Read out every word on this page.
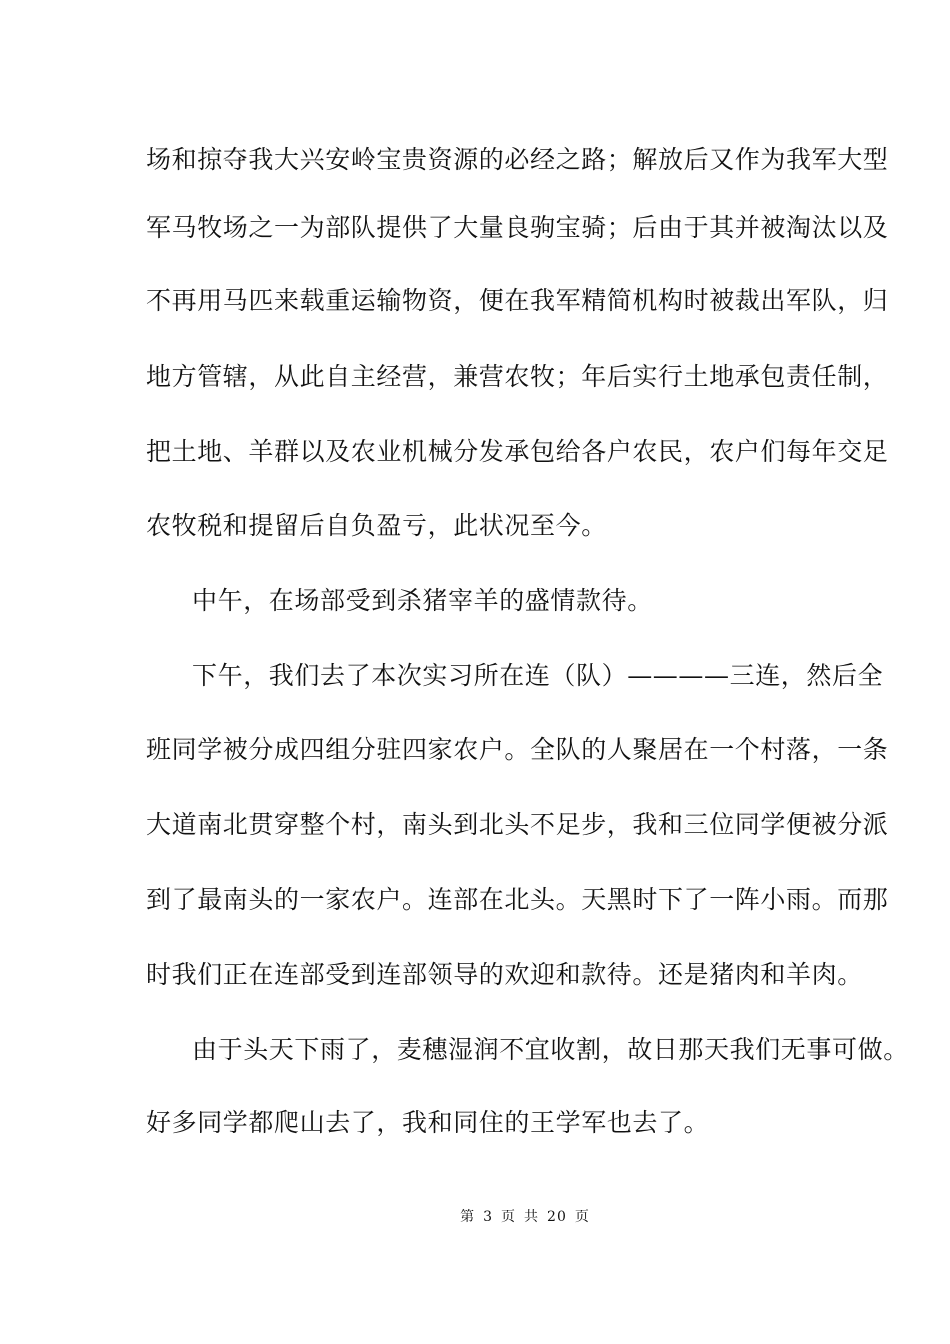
场和掠夺我大兴安岭宝贵资源的必经之路；解放后又作为我军大型
军马牧场之一为部队提供了大量良驹宝骑；后由于其并被淘汰以及
不再用马匹来载重运输物资，便在我军精简机构时被裁出军队，归
地方管辖，从此自主经营，兼营农牧；年后实行土地承包责任制，
把土地、羊群以及农业机械分发承包给各户农民，农户们每年交足
农牧税和提留后自负盈亏，此状况至今。
中午，在场部受到杀猪宰羊的盛情款待。
下午，我们去了本次实习所在连（队）————三连，然后全
班同学被分成四组分驻四家农户。全队的人聚居在一个村落，一条
大道南北贯穿整个村，南头到北头不足步，我和三位同学便被分派
到了最南头的一家农户。连部在北头。天黑时下了一阵小雨。而那
时我们正在连部受到连部领导的欢迎和款待。还是猪肉和羊肉。
由于头天下雨了，麦穗湿润不宜收割，故日那天我们无事可做。
好多同学都爬山去了，我和同住的王学军也去了。
第 3 页 共 20 页
